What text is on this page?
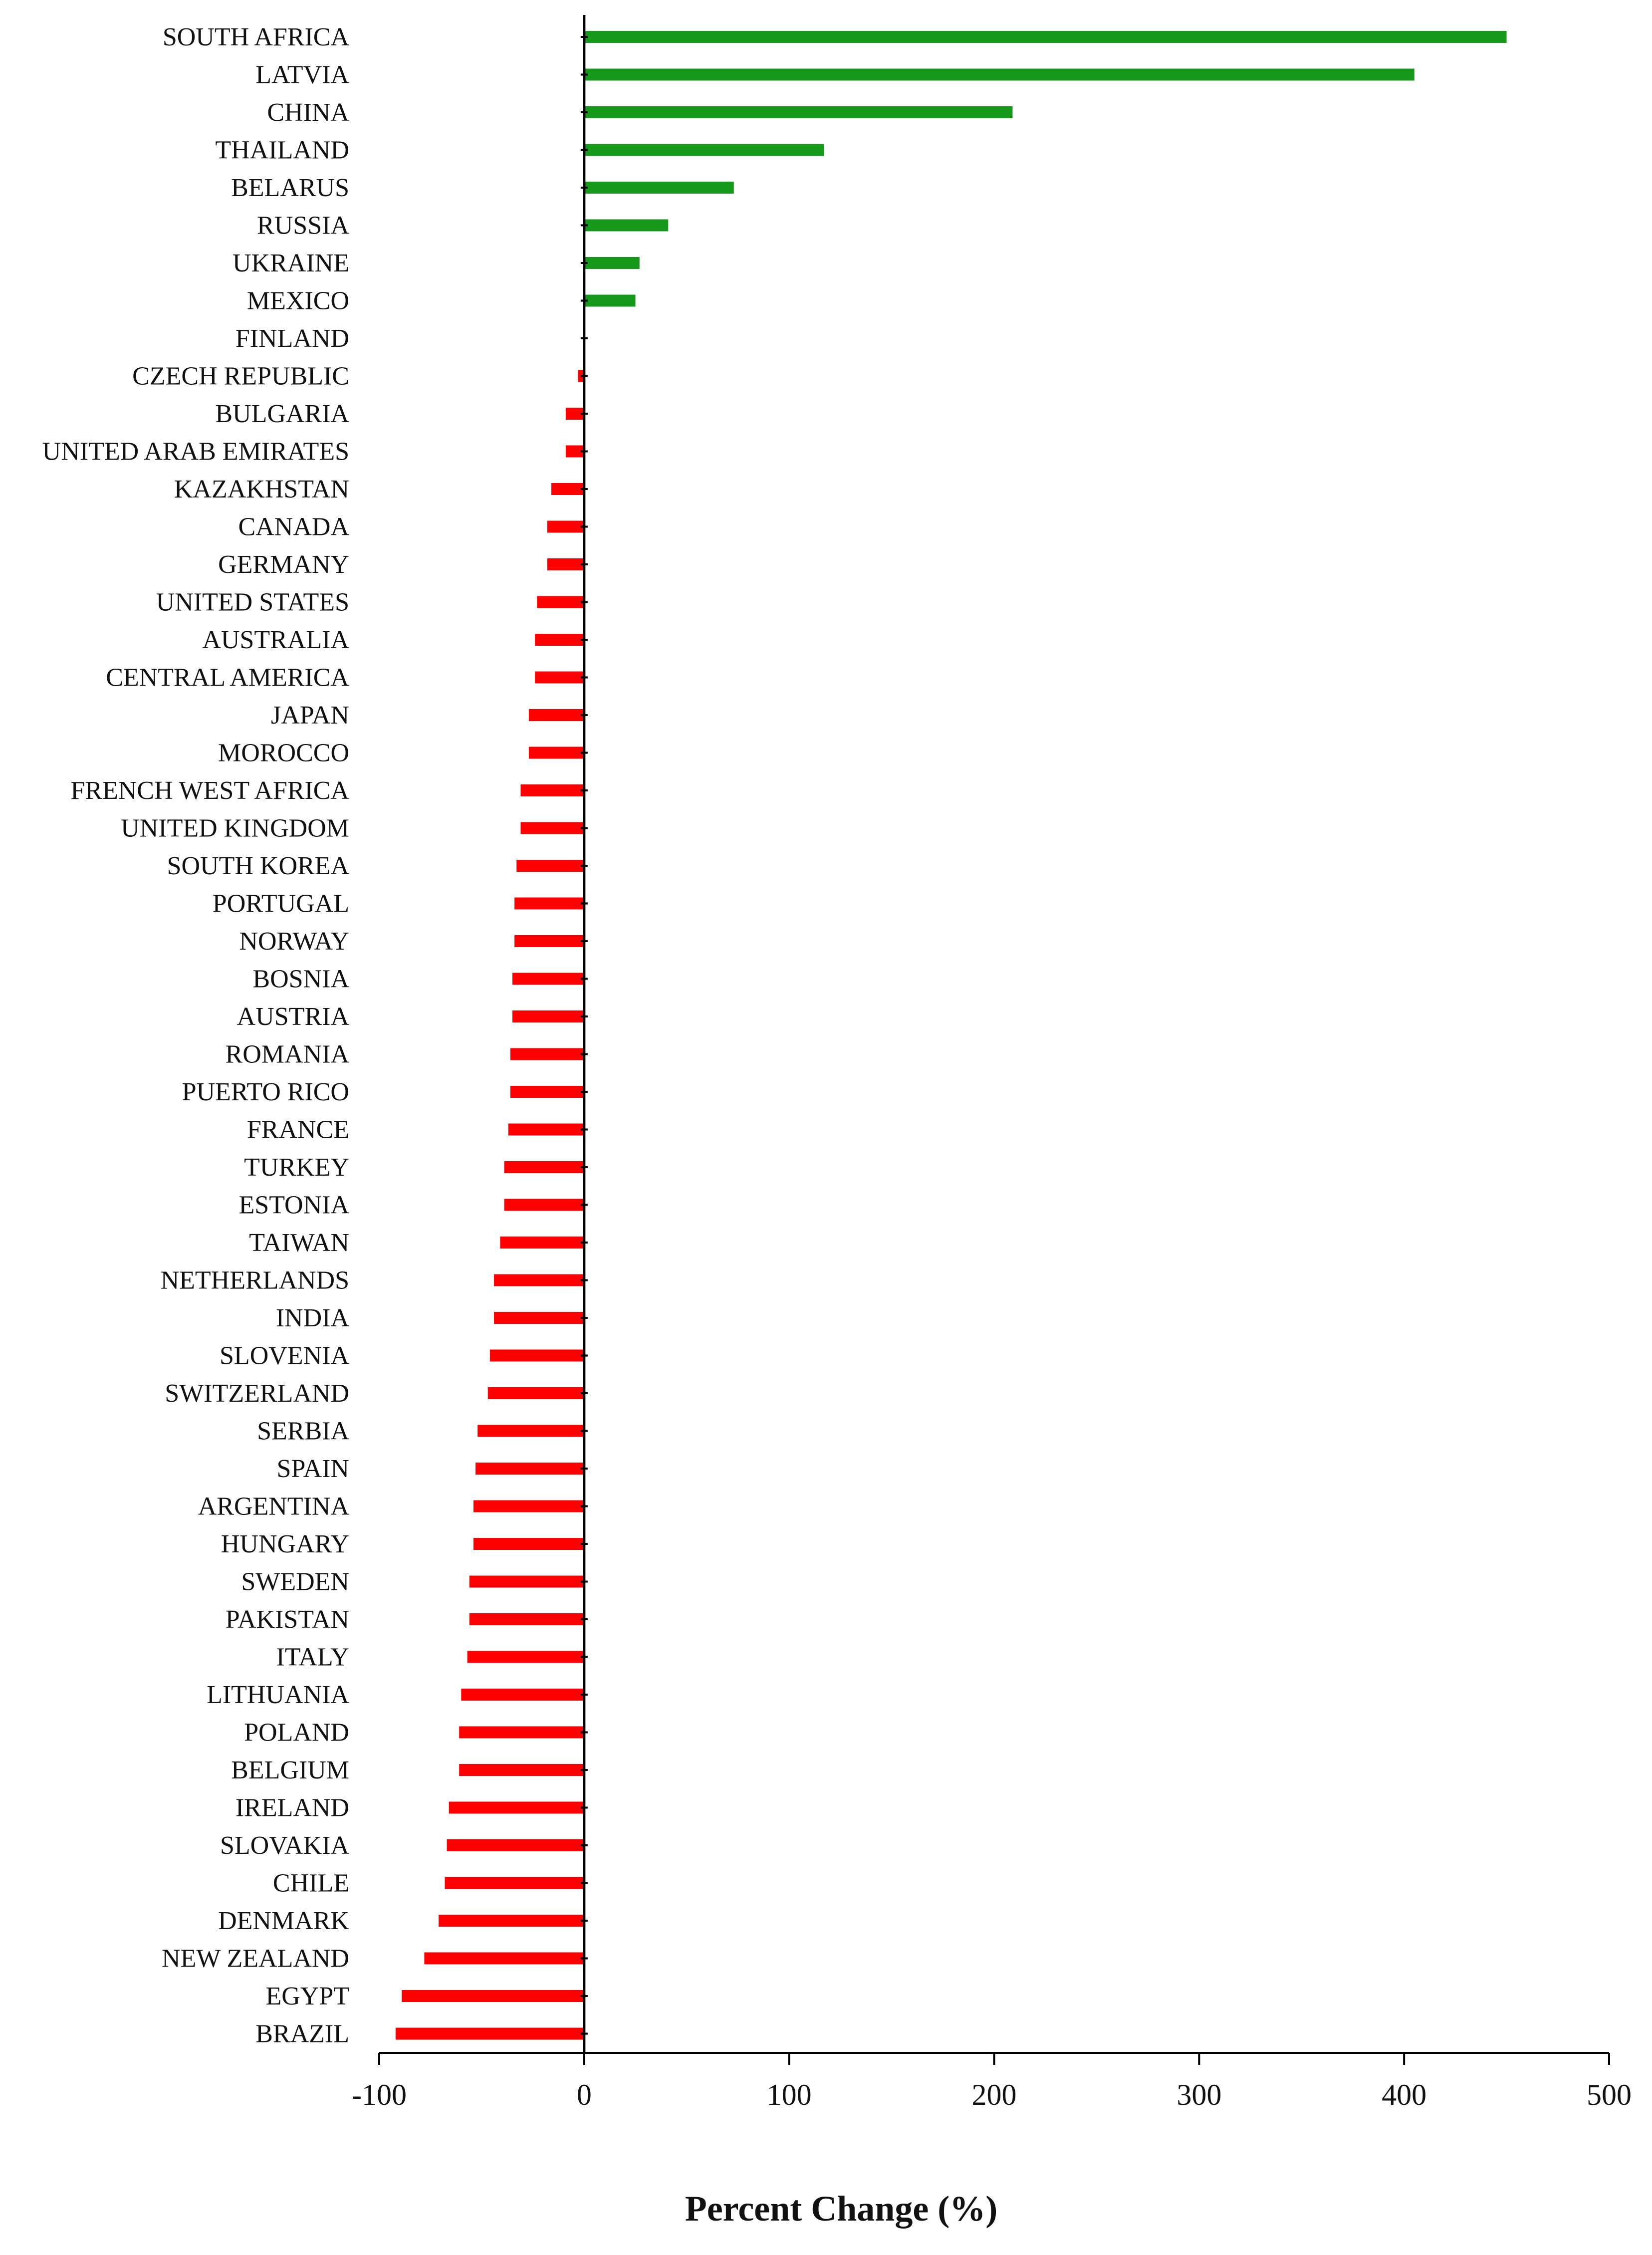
SOUTH AFRICA
LATVIA
CHINA
THAILAND
BELARUS
RUSSIA
UKRAINE
MEXICO
FINLAND
CZECH REPUBLIC
BULGARIA
UNITED ARAB EMIRATES
KAZAKHSTAN
CANADA
GERMANY
UNITED STATES
AUSTRALIA
CENTRAL AMERICA
JAPAN
MOROCCO
FRENCH WEST AFRICA
UNITED KINGDOM
SOUTH KOREA
PORTUGAL
NORWAY
BOSNIA
AUSTRIA
ROMANIA
PUERTO RICO
FRANCE
TURKEY
ESTONIA
TAIWAN
NETHERLANDS
INDIA
SLOVENIA
SWITZERLAND
SERBIA
SPAIN
ARGENTINA
HUNGARY
SWEDEN
PAKISTAN
ITALY
LITHUANIA
POLAND
BELGIUM
IRELAND
SLOVAKIA
CHILE
DENMARK
NEW ZEALAND
EGYPT
BRAZIL
-100	0	100	200	300	400	500
Percent Change (%)
